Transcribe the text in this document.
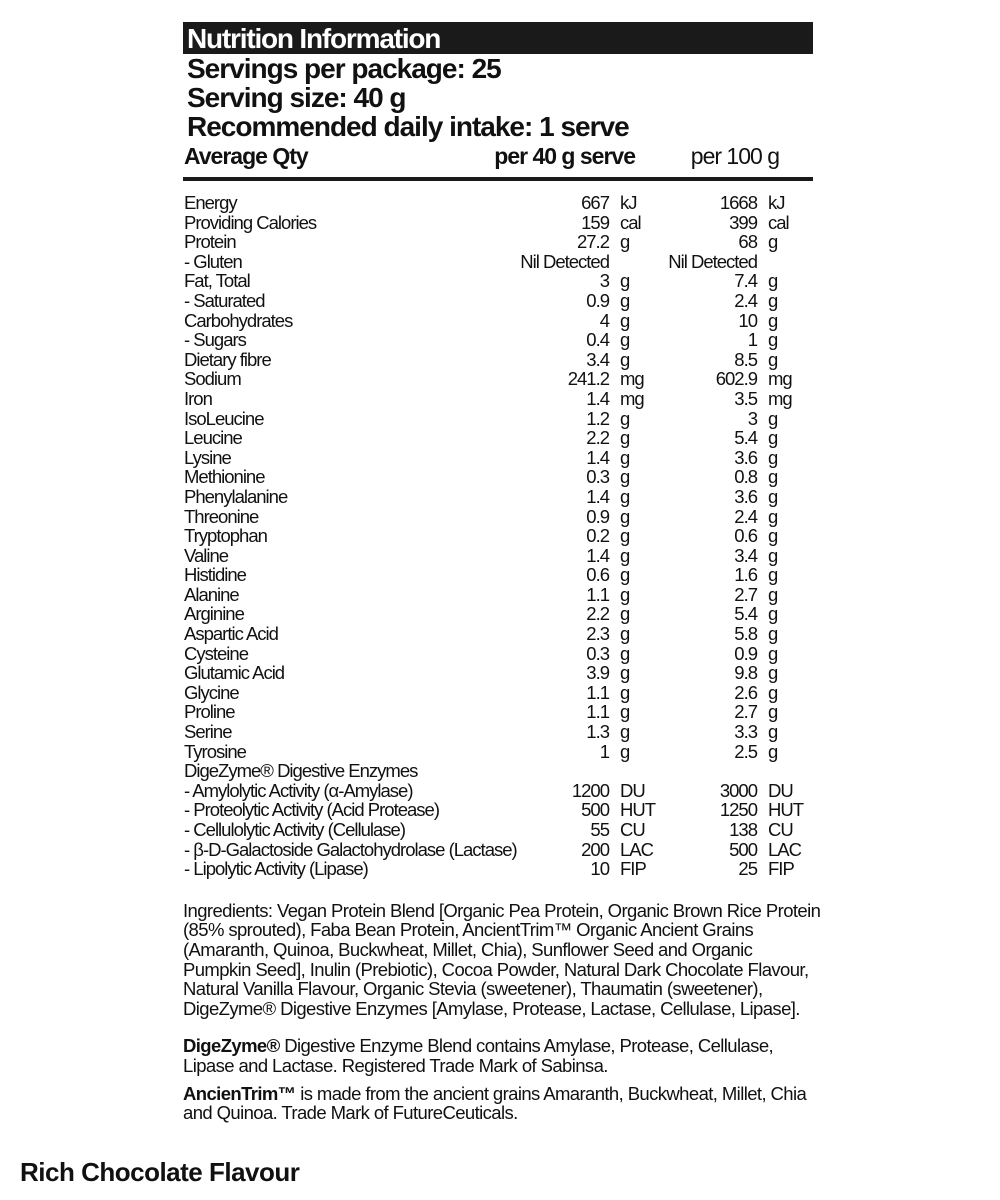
Nutrition Information
Servings per package: 25
Serving size: 40 g
Recommended daily intake: 1 serve
Average Qty	per 40 g serve per 100 g
Energy	667 kJ	1668 kJ
Providing Calories	159 cal	399 cal
Protein	27.2 g	68 g
- Gluten	Nil Detected	Nil Detected
Fat, Total	3 g	7.4 g
- Saturated	0.9 g	2.4 g
Carbohydrates	4 g	10 g
- Sugars	0.4 g	1 g
Dietary fibre	3.4 g	8.5 g
Sodium	241.2 mg	602.9 mg
Iron	1.4 mg	3.5 mg
IsoLeucine	1.2 g	3 g
Leucine	2.2 g	5.4 g
Lysine	1.4 g	3.6 g
Methionine	0.3 g	0.8 g
Phenylalanine	1.4 g	3.6 g
Threonine	0.9 g	2.4 g
Tryptophan	0.2 g	0.6 g
Valine	1.4 g	3.4 g
Histidine	0.6 g	1.6 g
Alanine	1.1 g	2.7 g
Arginine	2.2 g	5.4 g
Aspartic Acid	2.3 g	5.8 g
Cysteine	0.3 g	0.9 g
Glutamic Acid	3.9 g	9.8 g
Glycine	1.1 g	2.6 g
Proline	1.1 g	2.7 g
Serine	1.3 g	3.3 g
Tyrosine	1 g	2.5 g
DigeZyme® Digestive Enzymes
- Amylolytic Activity (α-Amylase)	1200 DU	3000 DU
- Proteolytic Activity (Acid Protease)	500 HUT	1250 HUT
- Cellulolytic Activity (Cellulase)	55 CU	138 CU
- β-D-Galactoside Galactohydrolase (Lactase)	200 LAC	500 LAC
- Lipolytic Activity (Lipase)	10 FIP	25 FIP
Ingredients: Vegan Protein Blend [Organic Pea Protein, Organic Brown Rice Protein (85% sprouted), Faba Bean Protein, AncientTrim™ Organic Ancient Grains (Amaranth, Quinoa, Buckwheat, Millet, Chia), Sunflower Seed and Organic Pumpkin Seed], Inulin (Prebiotic), Cocoa Powder, Natural Dark Chocolate Flavour, Natural Vanilla Flavour, Organic Stevia (sweetener), Thaumatin (sweetener), DigeZyme® Digestive Enzymes [Amylase, Protease, Lactase, Cellulase, Lipase].
DigeZyme® Digestive Enzyme Blend contains Amylase, Protease, Cellulase, Lipase and Lactase. Registered Trade Mark of Sabinsa.
AncienTrim™ is made from the ancient grains Amaranth, Buckwheat, Millet, Chia and Quinoa. Trade Mark of FutureCeuticals.
Rich Chocolate Flavour
